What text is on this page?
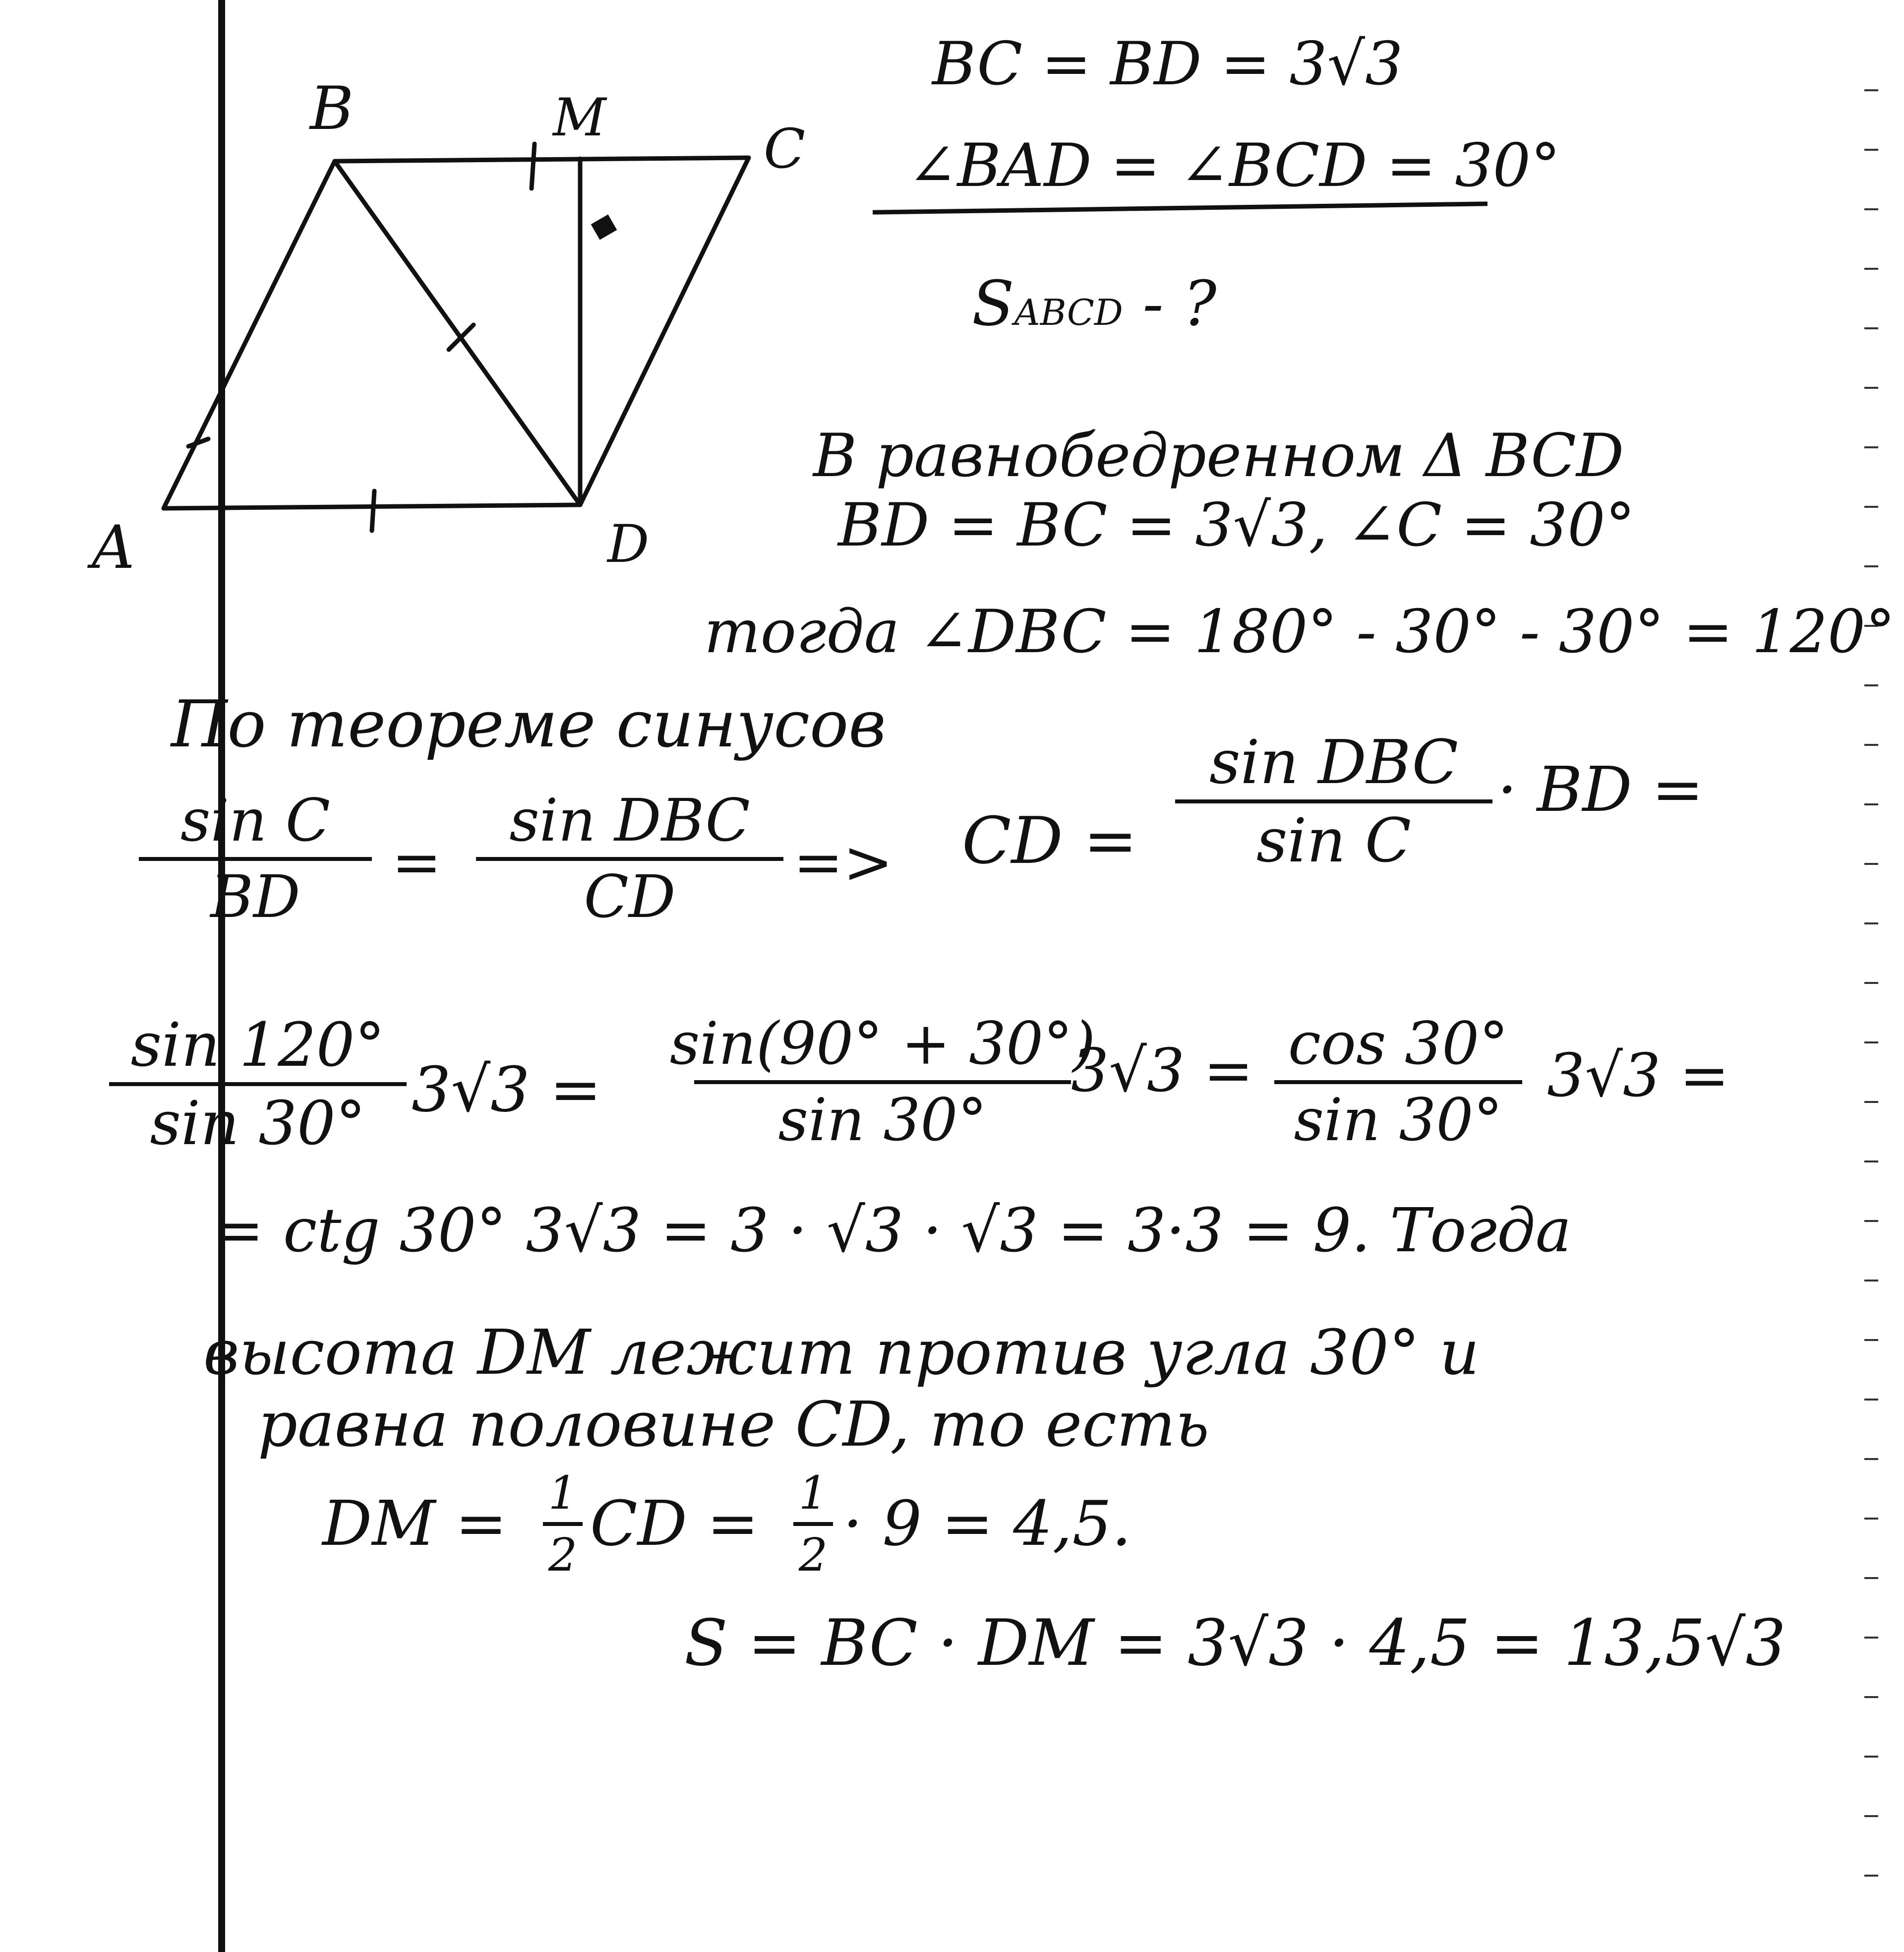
B	M	C
A	D
BC = BD = 3√3
∠BAD = ∠BCD = 30°
SABCD - ?
В равнобедренном Δ BCD
BD = BC = 3√3, ∠C = 30°
тогда ∠DBC = 180° - 30° - 30° = 120°
По теореме синусов
sin C
BD =
sin DBC
CD => CD =
sin DBC
sin C
· BD =
sin 120°
sin 30° 3√3 =
sin(90° + 30°)
sin 30°
3√3 = cos 30°
sin 30°
3√3 =
= ctg 30° 3√3 = 3 · √3 · √3 = 3·3 = 9. Тогда
высота DM лежит против угла 30° и
равна половине CD, то есть
DM = 1
2 CD = 1
2 · 9 = 4,5.
S = BC · DM = 3√3 · 4,5 = 13,5√3
